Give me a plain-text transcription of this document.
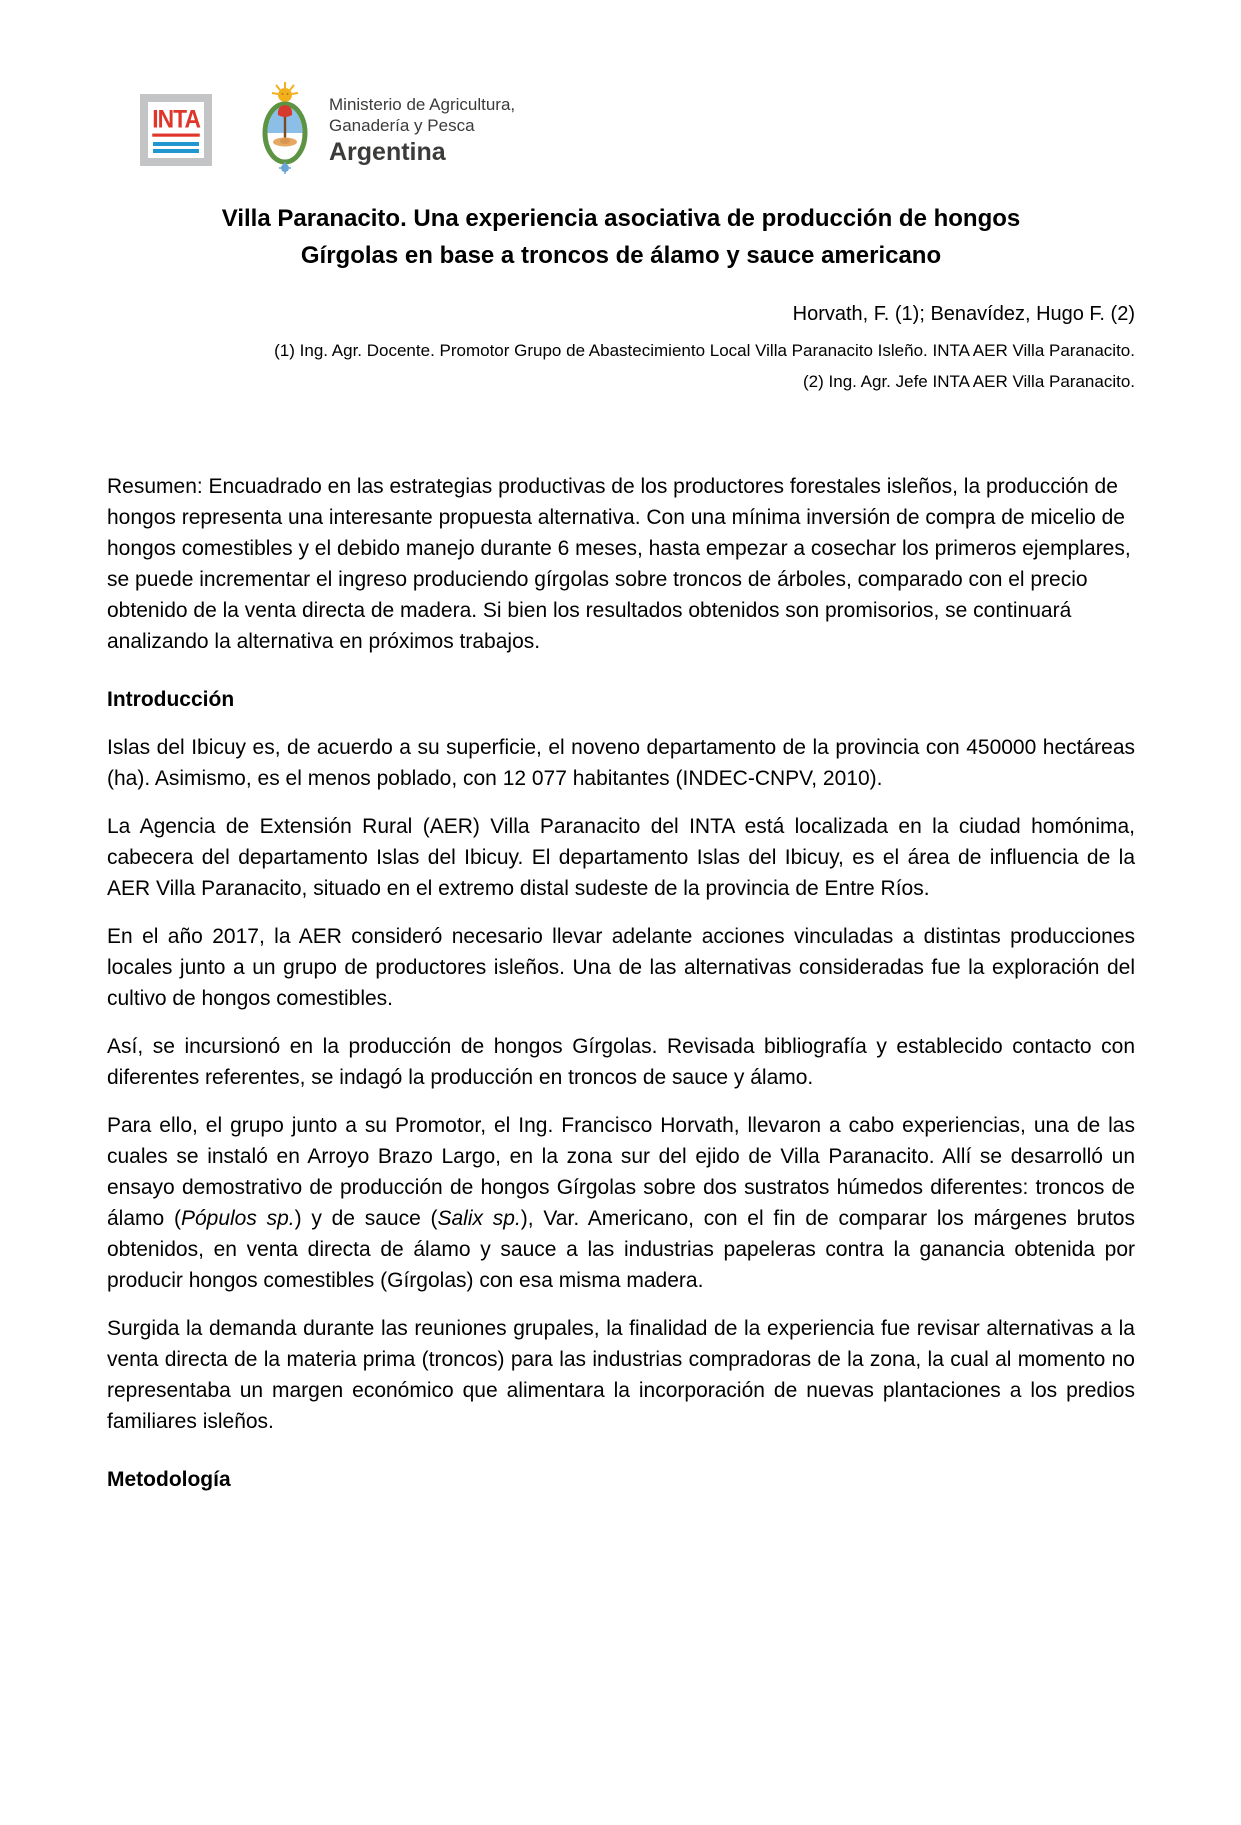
INTA
Ministerio de Agricultura,
Ganadería y Pesca
Argentina
Villa Paranacito. Una experiencia asociativa de producción de hongos
Gírgolas en base a troncos de álamo y sauce americano
Horvath, F. (1); Benavídez, Hugo F. (2)
(1) Ing. Agr. Docente. Promotor Grupo de Abastecimiento Local Villa Paranacito Isleño. INTA AER Villa Paranacito.
(2) Ing. Agr. Jefe INTA AER Villa Paranacito.

Resumen: Encuadrado en las estrategias productivas de los productores forestales isleños, la producción de hongos representa una interesante propuesta alternativa. Con una mínima inversión de compra de micelio de hongos comestibles y el debido manejo durante 6 meses, hasta empezar a cosechar los primeros ejemplares, se puede incrementar el ingreso produciendo gírgolas sobre troncos de árboles, comparado con el precio obtenido de la venta directa de madera. Si bien los resultados obtenidos son promisorios, se continuará analizando la alternativa en próximos trabajos.

Introducción

Islas del Ibicuy es, de acuerdo a su superficie, el noveno departamento de la provincia con 450000 hectáreas (ha). Asimismo, es el menos poblado, con 12 077 habitantes (INDEC-CNPV, 2010).

La Agencia de Extensión Rural (AER) Villa Paranacito del INTA está localizada en la ciudad homónima, cabecera del departamento Islas del Ibicuy. El departamento Islas del Ibicuy, es el área de influencia de la AER Villa Paranacito, situado en el extremo distal sudeste de la provincia de Entre Ríos.

En el año 2017, la AER consideró necesario llevar adelante acciones vinculadas a distintas producciones locales junto a un grupo de productores isleños. Una de las alternativas consideradas fue la exploración del cultivo de hongos comestibles.

Así, se incursionó en la producción de hongos Gírgolas. Revisada bibliografía y establecido contacto con diferentes referentes, se indagó la producción en troncos de sauce y álamo.

Para ello, el grupo junto a su Promotor, el Ing. Francisco Horvath, llevaron a cabo experiencias, una de las cuales se instaló en Arroyo Brazo Largo, en la zona sur del ejido de Villa Paranacito. Allí se desarrolló un ensayo demostrativo de producción de hongos Gírgolas sobre dos sustratos húmedos diferentes: troncos de álamo (Pópulos sp.) y de sauce (Salix sp.), Var. Americano, con el fin de comparar los márgenes brutos obtenidos, en venta directa de álamo y sauce a las industrias papeleras contra la ganancia obtenida por producir hongos comestibles (Gírgolas) con esa misma madera.

Surgida la demanda durante las reuniones grupales, la finalidad de la experiencia fue revisar alternativas a la venta directa de la materia prima (troncos) para las industrias compradoras de la zona, la cual al momento no representaba un margen económico que alimentara la incorporación de nuevas plantaciones a los predios familiares isleños.

Metodología
